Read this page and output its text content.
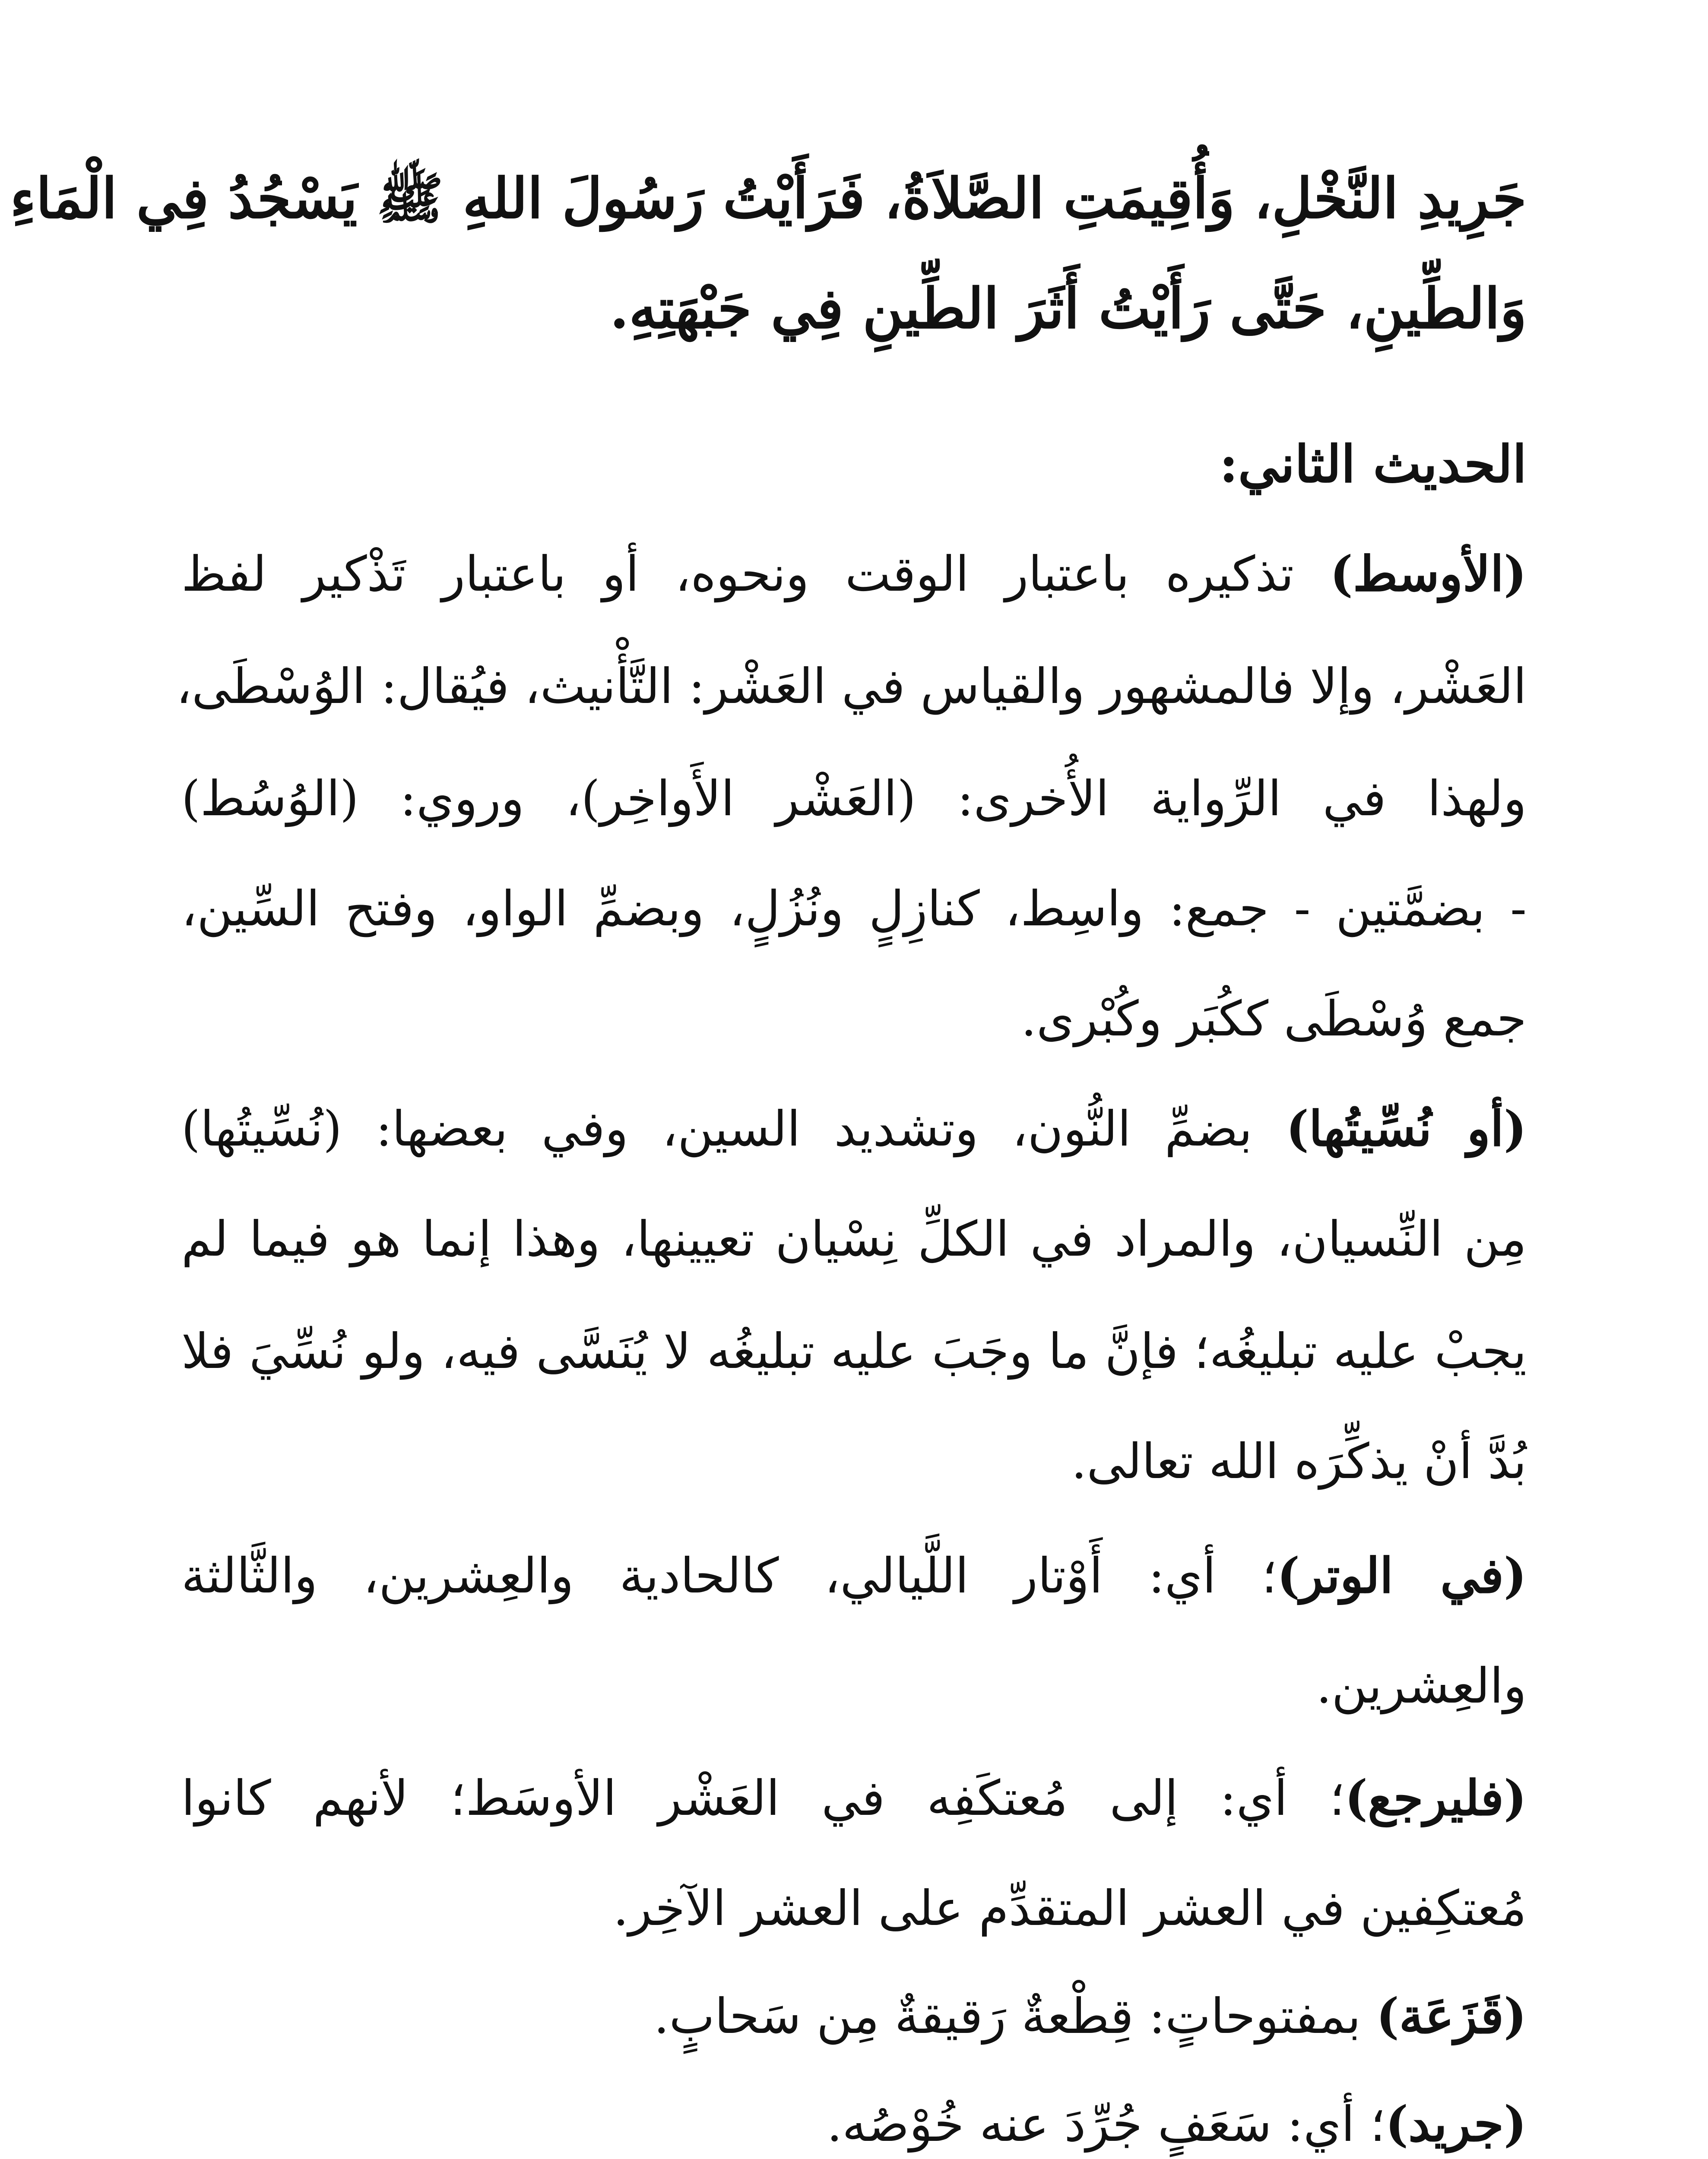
جَرِيدِ النَّخْلِ، وَأُقِيمَتِ الصَّلاَةُ، فَرَأَيْتُ رَسُولَ اللهِ ﷺ يَسْجُدُ فِي الْمَاءِ
وَالطِّينِ، حَتَّى رَأَيْتُ أَثَرَ الطِّينِ فِي جَبْهَتِهِ.
الحديث الثاني:
(الأوسط) تذكيره باعتبار الوقت ونحوه، أو باعتبار تَذْكير لفظ
العَشْر، وإلا فالمشهور والقياس في العَشْر: التَّأْنيث، فيُقال: الوُسْطَى،
ولهذا في الرِّواية الأُخرى: (العَشْر الأَواخِر)، وروي: (الوُسُط)
- بضمَّتين - جمع: واسِط، كنازِلٍ ونُزُلٍ، وبضمِّ الواو، وفتح السِّين،
جمع وُسْطَى ككُبَر وكُبْرى.
(أو نُسِّيتُها) بضمِّ النُّون، وتشديد السين، وفي بعضها: (نُسِّيتُها)
مِن النِّسيان، والمراد في الكلِّ نِسْيان تعيينها، وهذا إنما هو فيما لم
يجبْ عليه تبليغُه؛ فإنَّ ما وجَبَ عليه تبليغُه لا يُنَسَّى فيه، ولو نُسِّيَ فلا
بُدَّ أنْ يذكِّرَه الله تعالى.
(في الوتر)؛ أي: أَوْتار اللَّيالي، كالحادية والعِشرين، والثَّالثة
والعِشرين.
(فليرجع)؛ أي: إلى مُعتكَفِه في العَشْر الأوسَط؛ لأنهم كانوا
مُعتكِفين في العشر المتقدِّم على العشر الآخِر.
(قَزَعَة) بمفتوحاتٍ: قِطْعةٌ رَقيقةٌ مِن سَحابٍ.
(جريد)؛ أي: سَعَفٍ جُرِّدَ عنه خُوْصُه.
